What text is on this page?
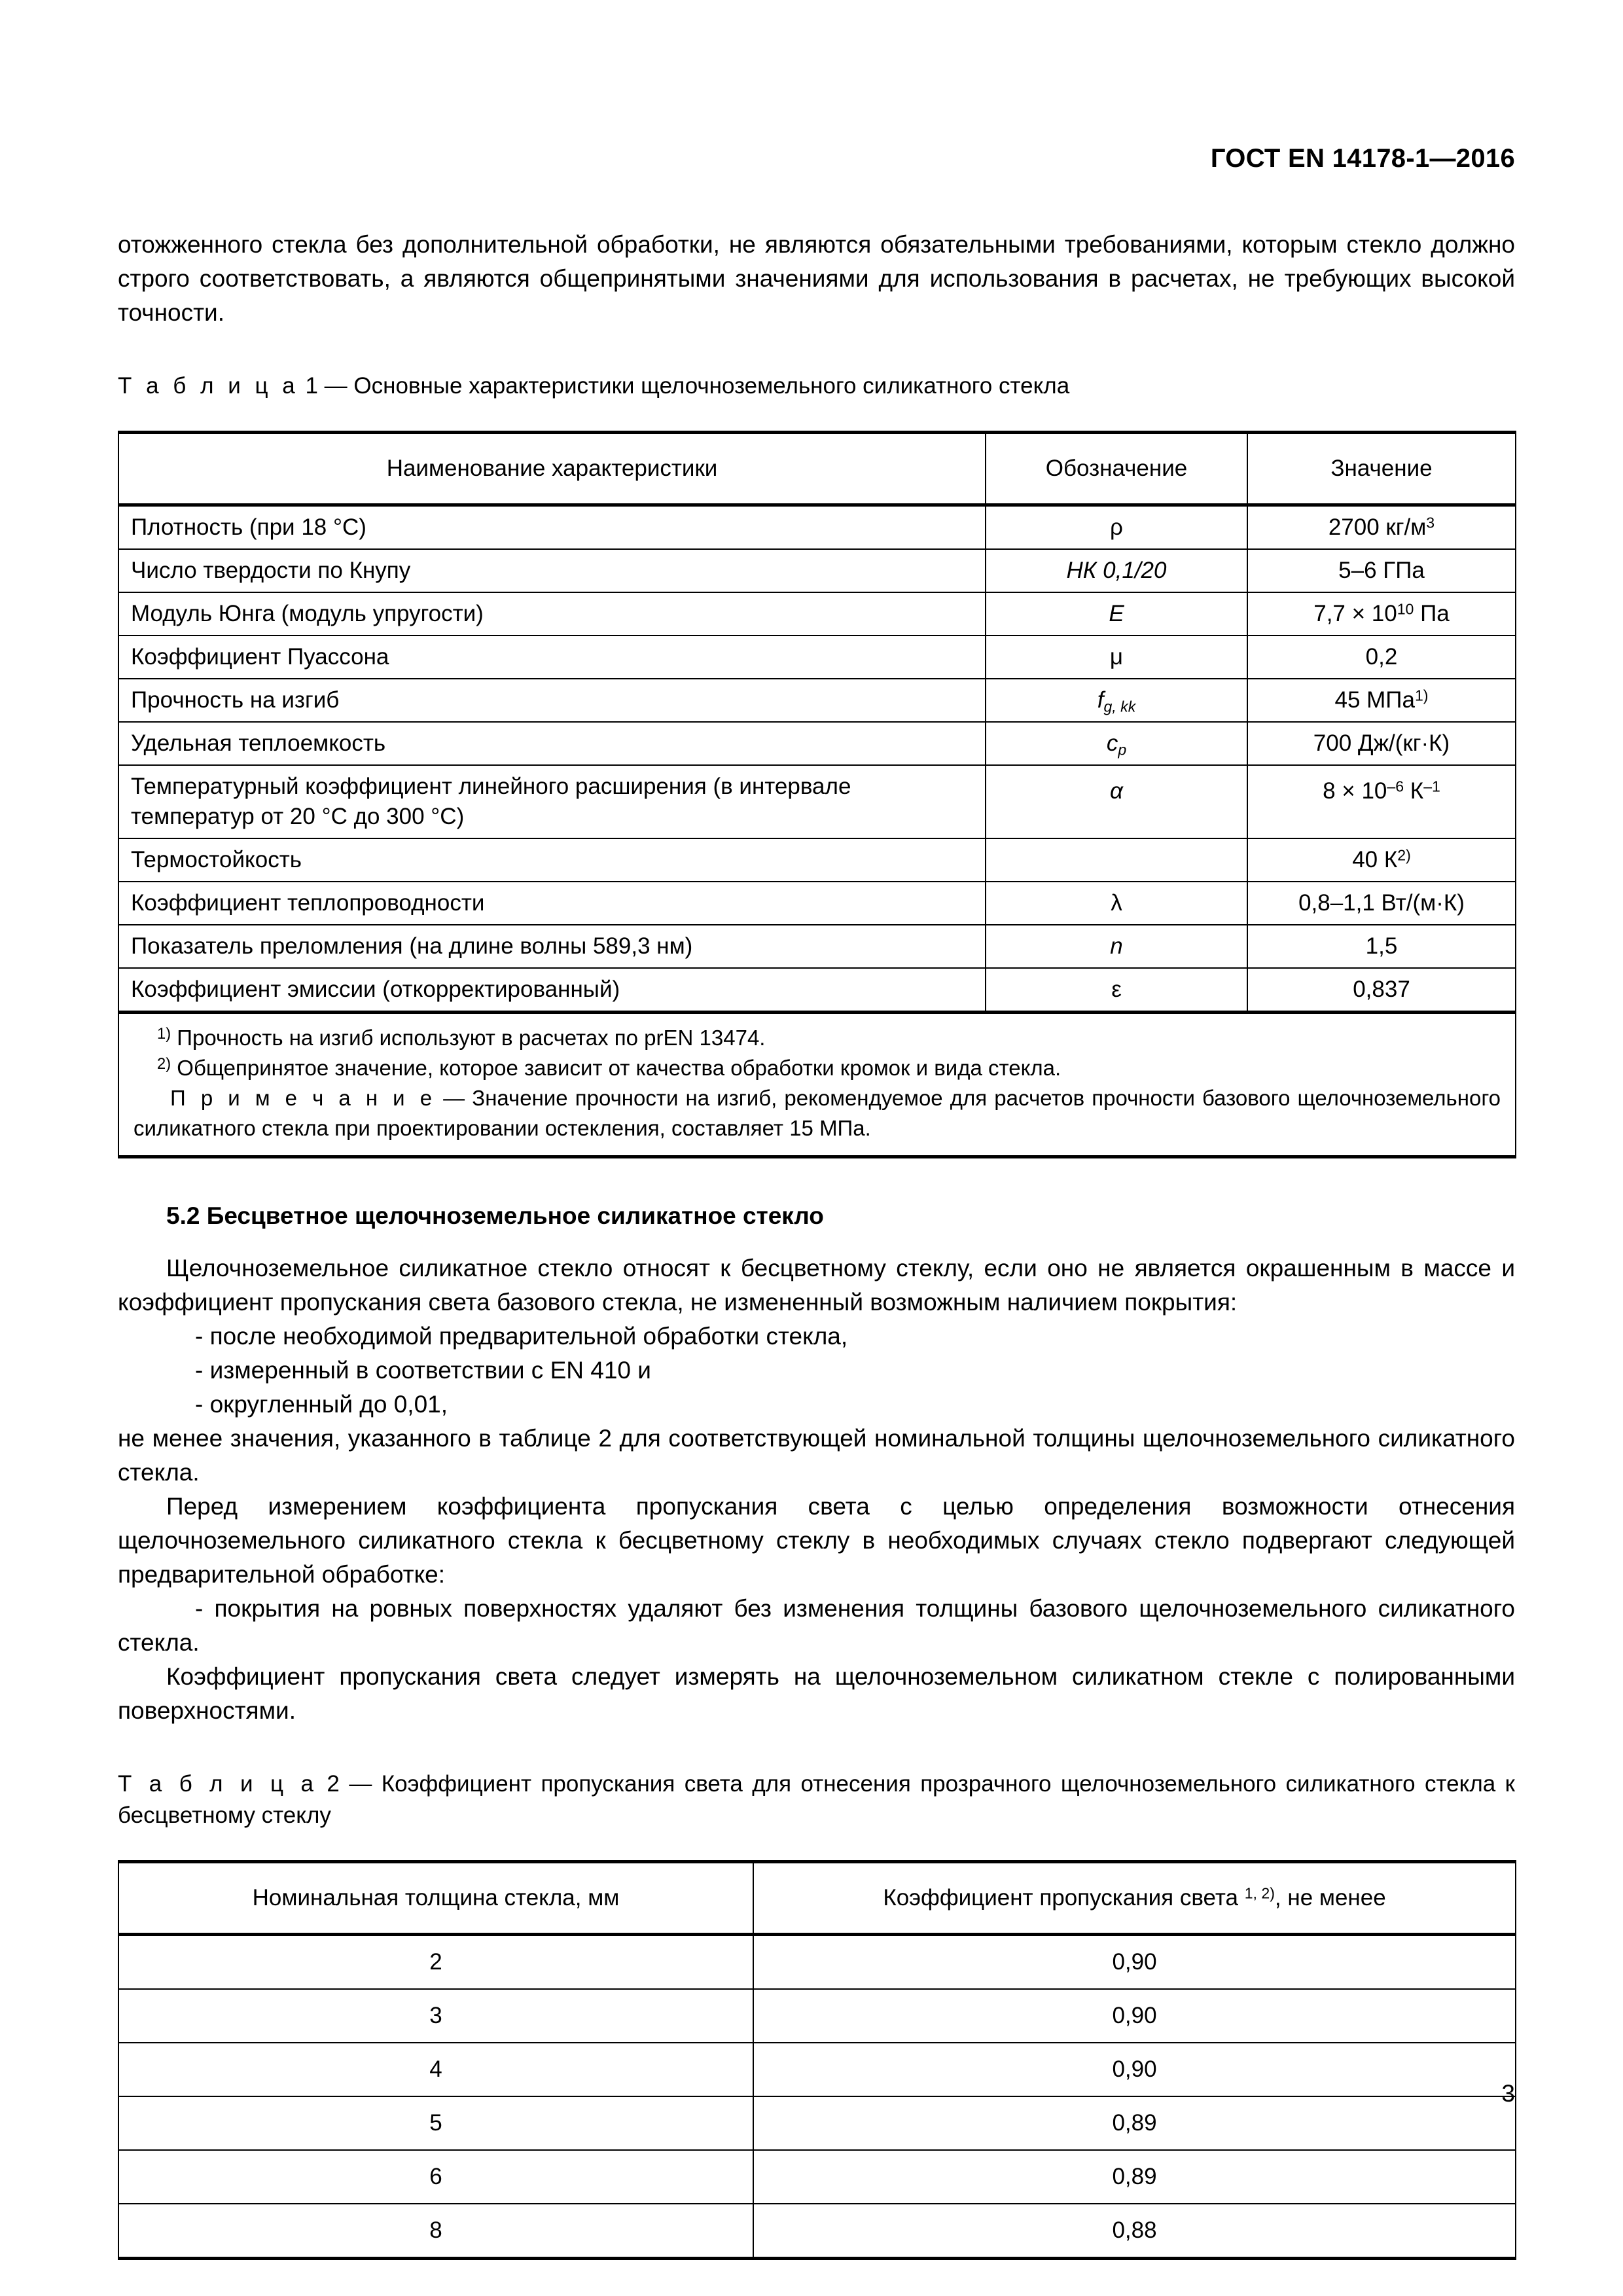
ГОСТ EN 14178-1—2016

отожженного стекла без дополнительной обработки, не являются обязательными требованиями, которым стекло должно строго соответствовать, а являются общепринятыми значениями для использования в расчетах, не требующих высокой точности.

Т а б л и ц а 1 — Основные характеристики щелочноземельного силикатного стекла

Наименование характеристики	Обозначение	Значение
Плотность (при 18 °C)	ρ	2700 $кг/м^3$
Число твердости по Кнупу	НК 0,1/20	5–6 ГПа
Модуль Юнга (модуль упругости)	E	$7,7 \times 10^{10}$ Па
Коэффициент Пуассона	μ	0,2
Прочность на изгиб	$f_{g, kk}$	45 МПа$^{1)}$
Удельная теплоемкость	$c_p$	700 Дж/(кг·К)
Температурный коэффициент линейного расширения (в интервале температур от 20 °C до 300 °C)	α	$8 \times 10^{-6}$ $К^{-1}$
Термостойкость		40 $К^{2)}$
Коэффициент теплопроводности	λ	0,8–1,1 Вт/(м·К)
Показатель преломления (на длине волны 589,3 нм)	n	1,5
Коэффициент эмиссии (откорректированный)	ε	0,837

$^{1)}$ Прочность на изгиб используют в расчетах по prEN 13474.

$^{2)}$ Общепринятое значение, которое зависит от качества обработки кромок и вида стекла.

П р и м е ч а н и е — Значение прочности на изгиб, рекомендуемое для расчетов прочности базового щелочноземельного силикатного стекла при проектировании остекления, составляет 15 МПа.		

5.2 Бесцветное щелочноземельное силикатное стекло

Щелочноземельное силикатное стекло относят к бесцветному стеклу, если оно не является окрашенным в массе и коэффициент пропускания света базового стекла, не измененный возможным наличием покрытия:

- после необходимой предварительной обработки стекла,

- измеренный в соответствии с EN 410 и

- округленный до 0,01,

не менее значения, указанного в таблице 2 для соответствующей номинальной толщины щелочноземельного силикатного стекла.

Перед измерением коэффициента пропускания света с целью определения возможности отнесения щелочноземельного силикатного стекла к бесцветному стеклу в необходимых случаях стекло подвергают следующей предварительной обработке:

- покрытия на ровных поверхностях удаляют без изменения толщины базового щелочноземельного силикатного стекла.

Коэффициент пропускания света следует измерять на щелочноземельном силикатном стекле с полированными поверхностями.

Т а б л и ц а 2 — Коэффициент пропускания света для отнесения прозрачного щелочноземельного силикатного стекла к бесцветному стеклу

Номинальная толщина стекла, мм	Коэффициент пропускания света $^{1, 2)}$, не менее
2	0,90
3	0,90
4	0,90
5	0,89
6	0,89
8	0,88
3
